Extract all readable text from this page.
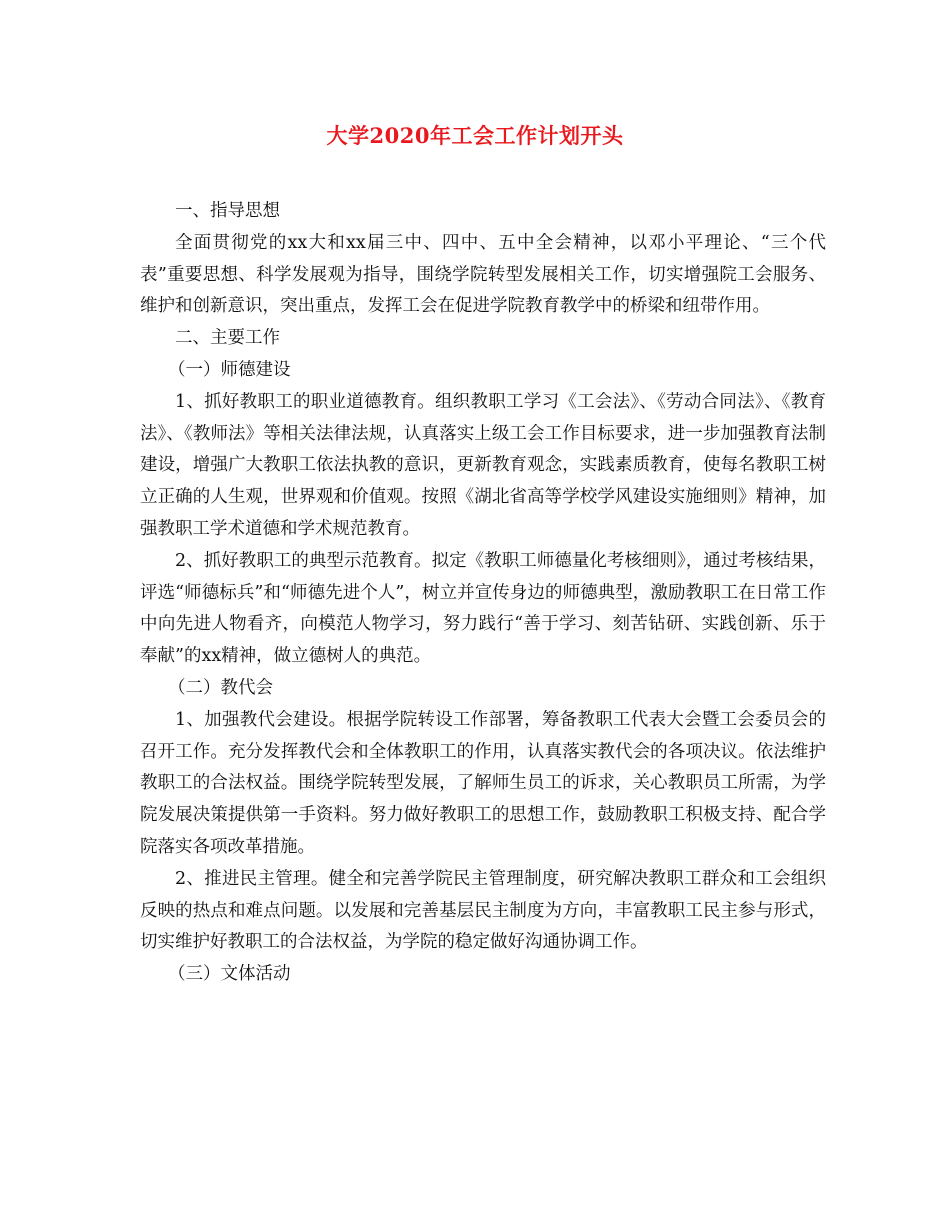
大学2020年工会工作计划开头

一、指导思想

全面贯彻党的xx大和xx届三中、四中、五中全会精神，以邓小平理论、“三个代表”重要思想、科学发展观为指导，围绕学院转型发展相关工作，切实增强院工会服务、维护和创新意识，突出重点，发挥工会在促进学院教育教学中的桥梁和纽带作用。

二、主要工作

（一）师德建设

1、抓好教职工的职业道德教育。组织教职工学习《工会法》、《劳动合同法》、《教育法》、《教师法》等相关法律法规，认真落实上级工会工作目标要求，进一步加强教育法制建设，增强广大教职工依法执教的意识，更新教育观念，实践素质教育，使每名教职工树立正确的人生观，世界观和价值观。按照《湖北省高等学校学风建设实施细则》精神，加强教职工学术道德和学术规范教育。

2、抓好教职工的典型示范教育。拟定《教职工师德量化考核细则》，通过考核结果，评选“师德标兵”和“师德先进个人”，树立并宣传身边的师德典型，激励教职工在日常工作中向先进人物看齐，向模范人物学习，努力践行“善于学习、刻苦钻研、实践创新、乐于奉献”的xx精神，做立德树人的典范。

（二）教代会

1、加强教代会建设。根据学院转设工作部署，筹备教职工代表大会暨工会委员会的召开工作。充分发挥教代会和全体教职工的作用，认真落实教代会的各项决议。依法维护教职工的合法权益。围绕学院转型发展，了解师生员工的诉求，关心教职员工所需，为学院发展决策提供第一手资料。努力做好教职工的思想工作，鼓励教职工积极支持、配合学院落实各项改革措施。

2、推进民主管理。健全和完善学院民主管理制度，研究解决教职工群众和工会组织反映的热点和难点问题。以发展和完善基层民主制度为方向，丰富教职工民主参与形式，切实维护好教职工的合法权益，为学院的稳定做好沟通协调工作。

（三）文体活动
